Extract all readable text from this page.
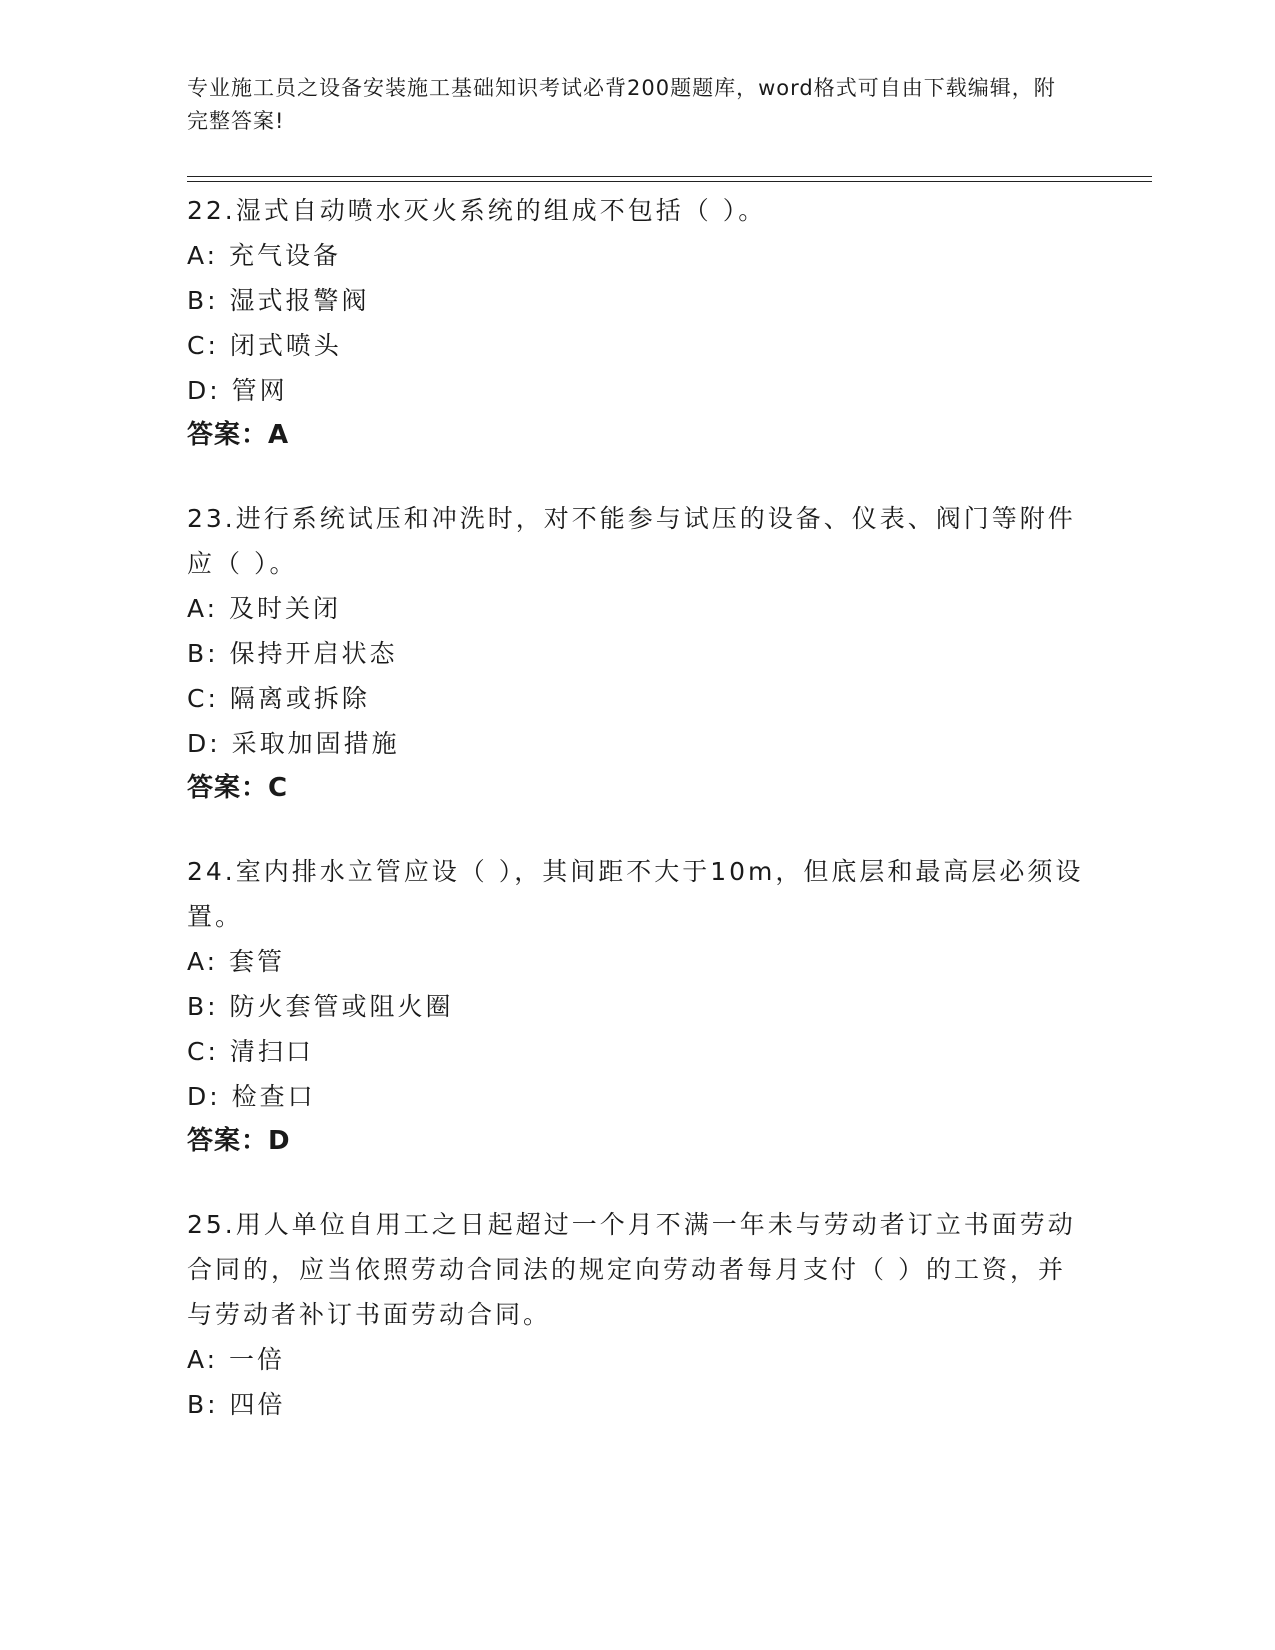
专业施工员之设备安装施工基础知识考试必背200题题库，word格式可自由下载编辑，附完整答案!

22.湿式自动喷水灭火系统的组成不包括（ ）。

A: 充气设备

B: 湿式报警阀

C: 闭式喷头

D: 管网

答案：A

23.进行系统试压和冲洗时，对不能参与试压的设备、仪表、阀门等附件应（ ）。

A: 及时关闭

B: 保持开启状态

C: 隔离或拆除

D: 采取加固措施

答案：C

24.室内排水立管应设（ ），其间距不大于10m，但底层和最高层必须设置。

A: 套管

B: 防火套管或阻火圈

C: 清扫口

D: 检查口

答案：D

25.用人单位自用工之日起超过一个月不满一年未与劳动者订立书面劳动合同的，应当依照劳动合同法的规定向劳动者每月支付（ ）的工资，并与劳动者补订书面劳动合同。

A: 一倍

B: 四倍
